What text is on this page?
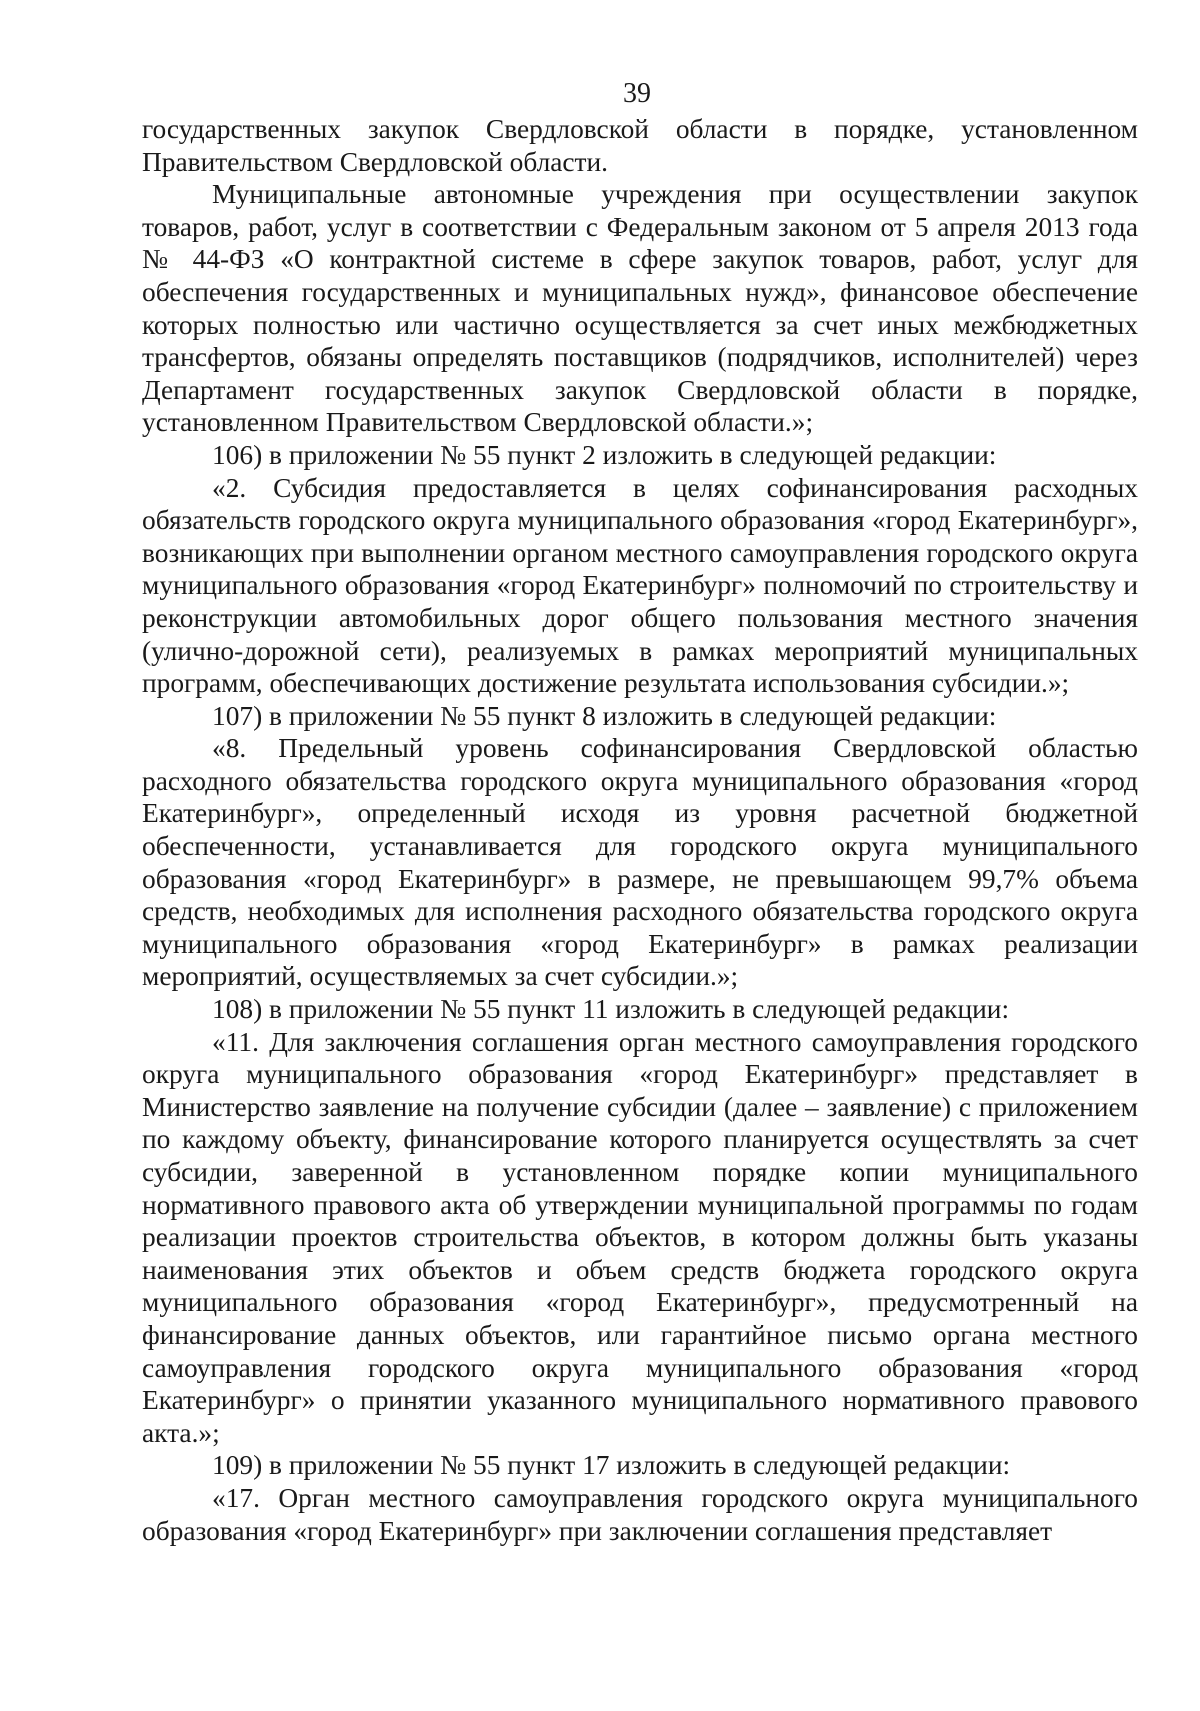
39

государственных закупок Свердловской области в порядке, установленном Правительством Свердловской области.

Муниципальные автономные учреждения при осуществлении закупок товаров, работ, услуг в соответствии с Федеральным законом от 5 апреля 2013 года № 44-ФЗ «О контрактной системе в сфере закупок товаров, работ, услуг для обеспечения государственных и муниципальных нужд», финансовое обеспечение которых полностью или частично осуществляется за счет иных межбюджетных трансфертов, обязаны определять поставщиков (подрядчиков, исполнителей) через Департамент государственных закупок Свердловской области в порядке, установленном Правительством Свердловской области.»;

106) в приложении № 55 пункт 2 изложить в следующей редакции:

«2. Субсидия предоставляется в целях софинансирования расходных обязательств городского округа муниципального образования «город Екатеринбург», возникающих при выполнении органом местного самоуправления городского округа муниципального образования «город Екатеринбург» полномочий по строительству и реконструкции автомобильных дорог общего пользования местного значения (улично-дорожной сети), реализуемых в рамках мероприятий муниципальных программ, обеспечивающих достижение результата использования субсидии.»;

107) в приложении № 55 пункт 8 изложить в следующей редакции:

«8. Предельный уровень софинансирования Свердловской областью расходного обязательства городского округа муниципального образования «город Екатеринбург», определенный исходя из уровня расчетной бюджетной обеспеченности, устанавливается для городского округа муниципального образования «город Екатеринбург» в размере, не превышающем 99,7% объема средств, необходимых для исполнения расходного обязательства городского округа муниципального образования «город Екатеринбург» в рамках реализации мероприятий, осуществляемых за счет субсидии.»;

108) в приложении № 55 пункт 11 изложить в следующей редакции:

«11. Для заключения соглашения орган местного самоуправления городского округа муниципального образования «город Екатеринбург» представляет в Министерство заявление на получение субсидии (далее – заявление) с приложением по каждому объекту, финансирование которого планируется осуществлять за счет субсидии, заверенной в установленном порядке копии муниципального нормативного правового акта об утверждении муниципальной программы по годам реализации проектов строительства объектов, в котором должны быть указаны наименования этих объектов и объем средств бюджета городского округа муниципального образования «город Екатеринбург», предусмотренный на финансирование данных объектов, или гарантийное письмо органа местного самоуправления городского округа муниципального образования «город Екатеринбург» о принятии указанного муниципального нормативного правового акта.»;

109) в приложении № 55 пункт 17 изложить в следующей редакции:

«17. Орган местного самоуправления городского округа муниципального образования «город Екатеринбург» при заключении соглашения представляет
